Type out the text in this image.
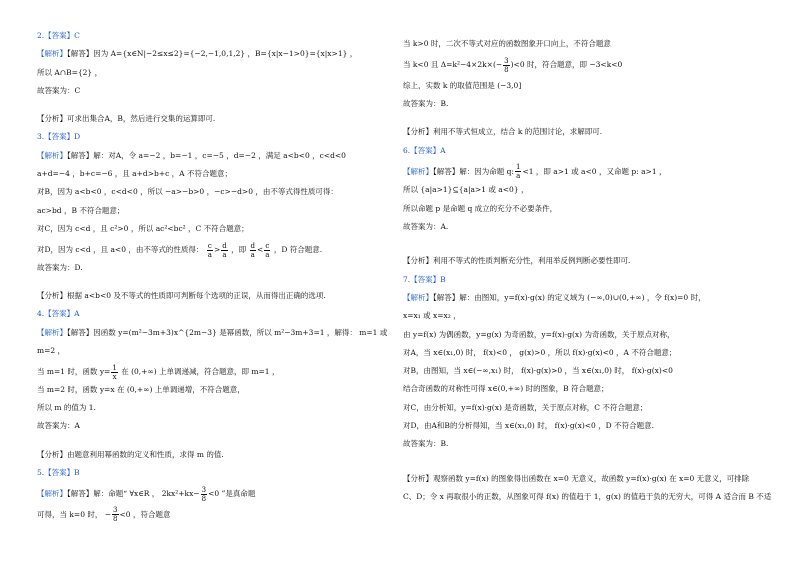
2.【答案】C
【解析】【解答】因为 A={x∈N|−2≤x≤2}={−2,−1,0,1,2} ，B={x|x−1>0}={x|x>1} ，
所以 A∩B={2} ，
故答案为：C
【分析】可求出集合A，B，然后进行交集的运算即可.
3.【答案】D
【解析】【解答】解：对A，令 a=−2 ，b=−1 ，c=−5 ，d=−2 ，满足 a<b<0 ，c<d<0
a+d=−4 ，b+c=−6 ，且 a+d>b+c ，A 不符合题意；
对B，因为 a<b<0 ，c<d<0 ，所以 −a>−b>0 ，−c>−d>0 ，由不等式得性质可得：
ac>bd ，B 不符合题意；
对C，因为 c<d ，且 c²>0 ，所以 ac²<bc² ，C 不符合题意；
对D，因为 c<d ，且 a<0 ，由不等式的性质得： $\frac{c}{a} > \frac{d}{a}$ ，即 $\frac{d}{a} < \frac{c}{a}$ ，D 符合题意.
故答案为：D.
【分析】根据 a<b<0 及不等式的性质即可判断每个选项的正误，从而得出正确的选项.
4.【答案】A
【解析】【解答】因函数 y=(m²−3m+3)x^{2m−3} 是幂函数，所以 m²−3m+3=1 ，解得： m=1 或
m=2 ，
当 m=1 时，函数 $y= \frac{1}{x}$ 在 (0,+∞) 上单调递减，符合题意，即 m=1 ，
当 m=2 时，函数 y=x 在 (0,+∞) 上单调递增，不符合题意，
所以 m 的值为 1.
故答案为：A
【分析】由题意利用幂函数的定义和性质，求得 m 的值.
5.【答案】B
【解析】【解答】解：命题“ ∀x∈R ， $2kx^2+kx- \frac{3}{8} <0$ ”是真命题
可得，当 k=0 时， − $\frac{3}{8} <0$ ，符合题意
当 k>0 时，二次不等式对应的函数图象开口向上，不符合题意
当 k<0 且 $\Delta=k^2-4\times 2k\times(- \frac{3}{8} )<0$ 时，符合题意，即 −3<k<0
综上，实数 k 的取值范围是 (−3,0]
故答案为：B.
【分析】利用不等式恒成立，结合 k 的范围讨论，求解即可.
6.【答案】A
【解析】【解答】解：因为命题 q: $\frac{1}{a} <1$ ，即 a>1 或 a<0 ，又命题 p: a>1 ，
所以 {a|a>1}⊆{a|a>1 或 a<0} ，
所以命题 p 是命题 q 成立的充分不必要条件，
故答案为：A.
【分析】利用不等式的性质判断充分性，利用举反例判断必要性即可.
7.【答案】B
【解析】【解答】解：由图知，y=f(x)·g(x) 的定义域为 (−∞,0)∪(0,+∞) ，令 f(x)=0 时，
x=x₁ 或 x=x₂ ，
由 y=f(x) 为偶函数，y=g(x) 为奇函数，y=f(x)·g(x) 为奇函数，关于原点对称，
对A，当 x∈(x₁,0) 时， f(x)<0 ， g(x)>0 ，所以 f(x)·g(x)<0 ，A 不符合题意；
对B，由图知，当 x∈(−∞,x₁) 时， f(x)·g(x)>0 ，当 x∈(x₁,0) 时， f(x)·g(x)<0
结合奇函数的对称性可得 x∈(0,+∞) 时的图象，B 符合题意；
对C，由分析知，y=f(x)·g(x) 是奇函数，关于原点对称，C 不符合题意；
对D，由A和B的分析得知，当 x∈(x₁,0) 时， f(x)·g(x)<0 ，D 不符合题意.
故答案为：B.
【分析】观察函数 y=f(x) 的图象得出函数在 x=0 无意义，故函数 y=f(x)·g(x) 在 x=0 无意义，可排除
C、D；令 x 再取很小的正数，从图象可得 f(x) 的值趋于 1，g(x) 的值趋于负的无穷大，可得 A 适合而 B 不适
